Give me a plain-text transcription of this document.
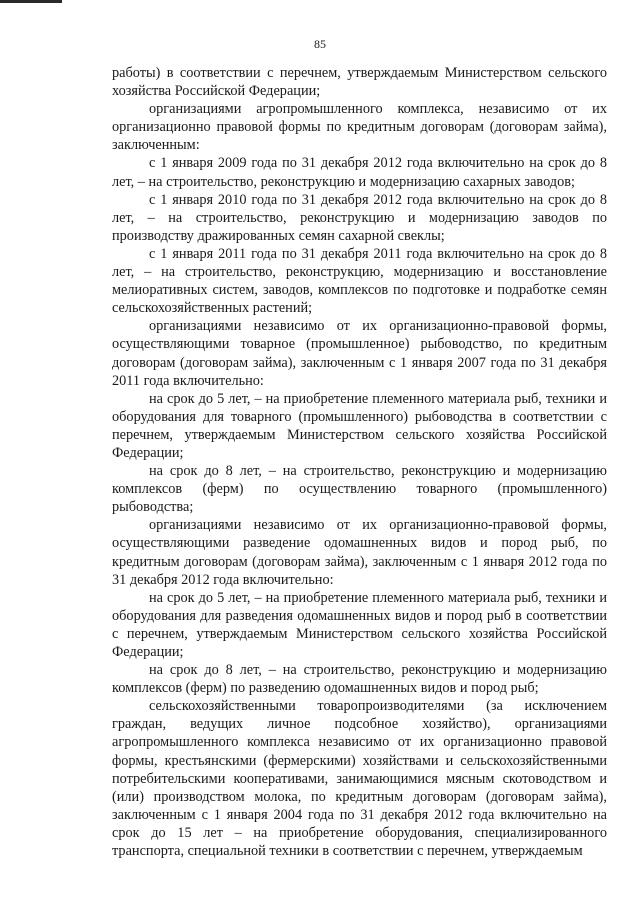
85

работы) в соответствии с перечнем, утверждаемым Министерством сельского хозяйства Российской Федерации;

организациями агропромышленного комплекса, независимо от их организационно правовой формы по кредитным договорам (договорам займа), заключенным:

с 1 января 2009 года по 31 декабря 2012 года включительно на срок до 8 лет, – на строительство, реконструкцию и модернизацию сахарных заводов;

с 1 января 2010 года по 31 декабря 2012 года включительно на срок до 8 лет, – на строительство, реконструкцию и модернизацию заводов по производству дражированных семян сахарной свеклы;

с 1 января 2011 года по 31 декабря 2011 года включительно на срок до 8 лет, – на строительство, реконструкцию, модернизацию и восстановление мелиоративных систем, заводов, комплексов по подготовке и подработке семян сельскохозяйственных растений;

организациями независимо от их организационно-правовой формы, осуществляющими товарное (промышленное) рыбоводство, по кредитным договорам (договорам займа), заключенным с 1 января 2007 года по 31 декабря 2011 года включительно:

на срок до 5 лет, – на приобретение племенного материала рыб, техники и оборудования для товарного (промышленного) рыбоводства в соответствии с перечнем, утверждаемым Министерством сельского хозяйства Российской Федерации;

на срок до 8 лет, – на строительство, реконструкцию и модернизацию комплексов (ферм) по осуществлению товарного (промышленного) рыбоводства;

организациями независимо от их организационно-правовой формы, осуществляющими разведение одомашненных видов и пород рыб, по кредитным договорам (договорам займа), заключенным с 1 января 2012 года по 31 декабря 2012 года включительно:

на срок до 5 лет, – на приобретение племенного материала рыб, техники и оборудования для разведения одомашненных видов и пород рыб в соответствии с перечнем, утверждаемым Министерством сельского хозяйства Российской Федерации;

на срок до 8 лет, – на строительство, реконструкцию и модернизацию комплексов (ферм) по разведению одомашненных видов и пород рыб;

сельскохозяйственными товаропроизводителями (за исключением граждан, ведущих личное подсобное хозяйство), организациями агропромышленного комплекса независимо от их организационно правовой формы, крестьянскими (фермерскими) хозяйствами и сельскохозяйственными потребительскими кооперативами, занимающимися мясным скотоводством и (или) производством молока, по кредитным договорам (договорам займа), заключенным с 1 января 2004 года по 31 декабря 2012 года включительно на срок до 15 лет – на приобретение оборудования, специализированного транспорта, специальной техники в соответствии с перечнем, утверждаемым
